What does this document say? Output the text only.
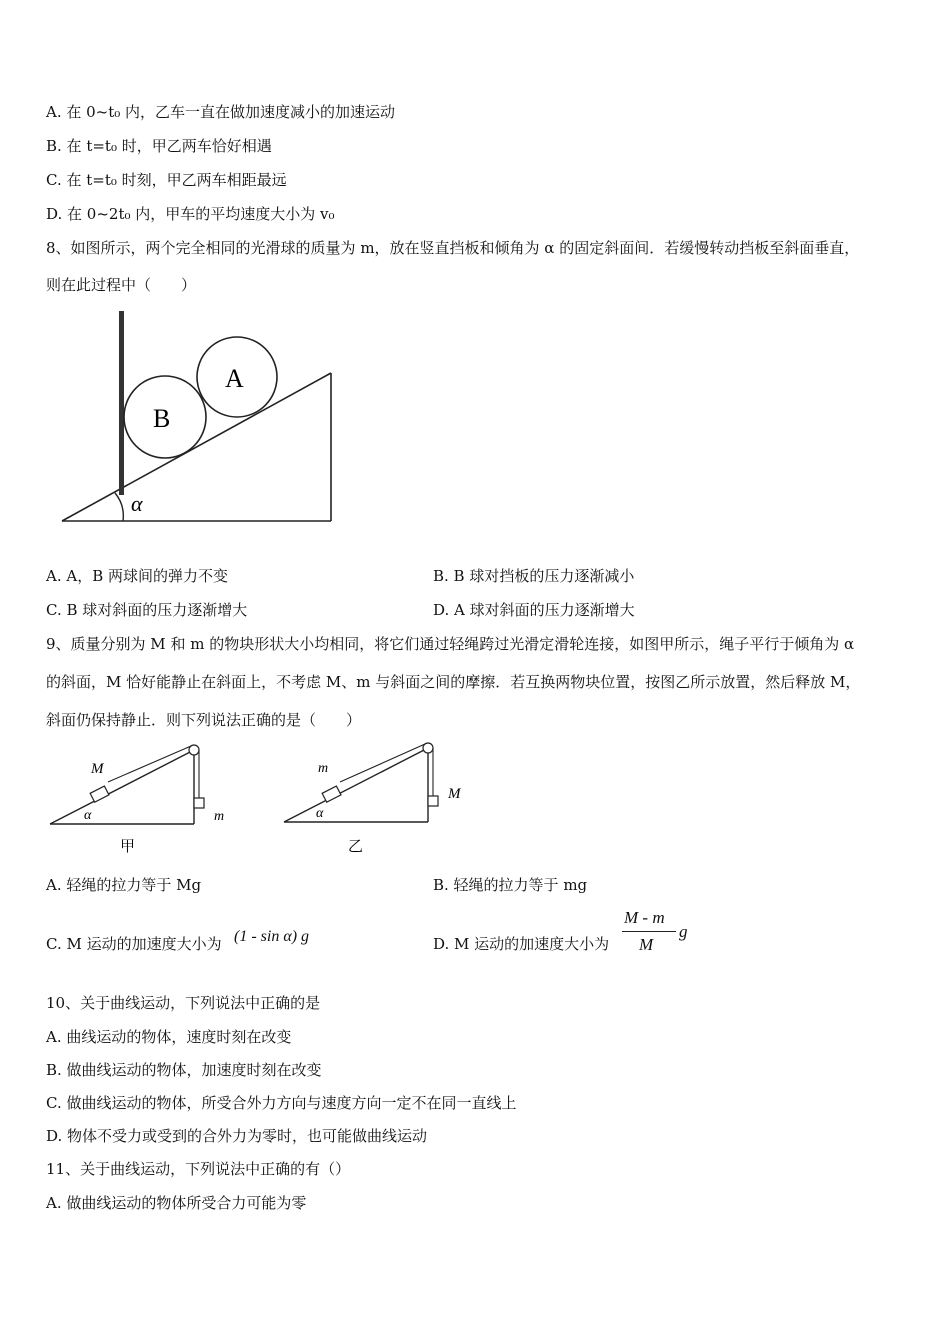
A. 在 0~t₀ 内，乙车一直在做加速度减小的加速运动
B. 在 t=t₀ 时，甲乙两车恰好相遇
C. 在 t=t₀ 时刻，甲乙两车相距最远
D. 在 0~2t₀ 内，甲车的平均速度大小为 v₀
8、如图所示，两个完全相同的光滑球的质量为 m，放在竖直挡板和倾角为 α 的固定斜面间．若缓慢转动挡板至斜面垂直，
则在此过程中（　　）
B
A
α
A. A，B 两球间的弹力不变	B. B 球对挡板的压力逐渐减小
C. B 球对斜面的压力逐渐增大	D. A 球对斜面的压力逐渐增大
9、质量分别为 M 和 m 的物块形状大小均相同，将它们通过轻绳跨过光滑定滑轮连接，如图甲所示，绳子平行于倾角为 α
的斜面，M 恰好能静止在斜面上，不考虑 M、m 与斜面之间的摩擦．若互换两物块位置，按图乙所示放置，然后释放 M，
斜面仍保持静止．则下列说法正确的是（　　）
M
m
α
甲
m
M
α
乙
A. 轻绳的拉力等于 Mg	B. 轻绳的拉力等于 mg
C. M 运动的加速度大小为 (1 - sin α) g	D. M 运动的加速度大小为
M - m
M
g
10、关于曲线运动，下列说法中正确的是
A. 曲线运动的物体，速度时刻在改变
B. 做曲线运动的物体，加速度时刻在改变
C. 做曲线运动的物体，所受合外力方向与速度方向一定不在同一直线上
D. 物体不受力或受到的合外力为零时，也可能做曲线运动
11、关于曲线运动，下列说法中正确的有（）
A. 做曲线运动的物体所受合力可能为零
